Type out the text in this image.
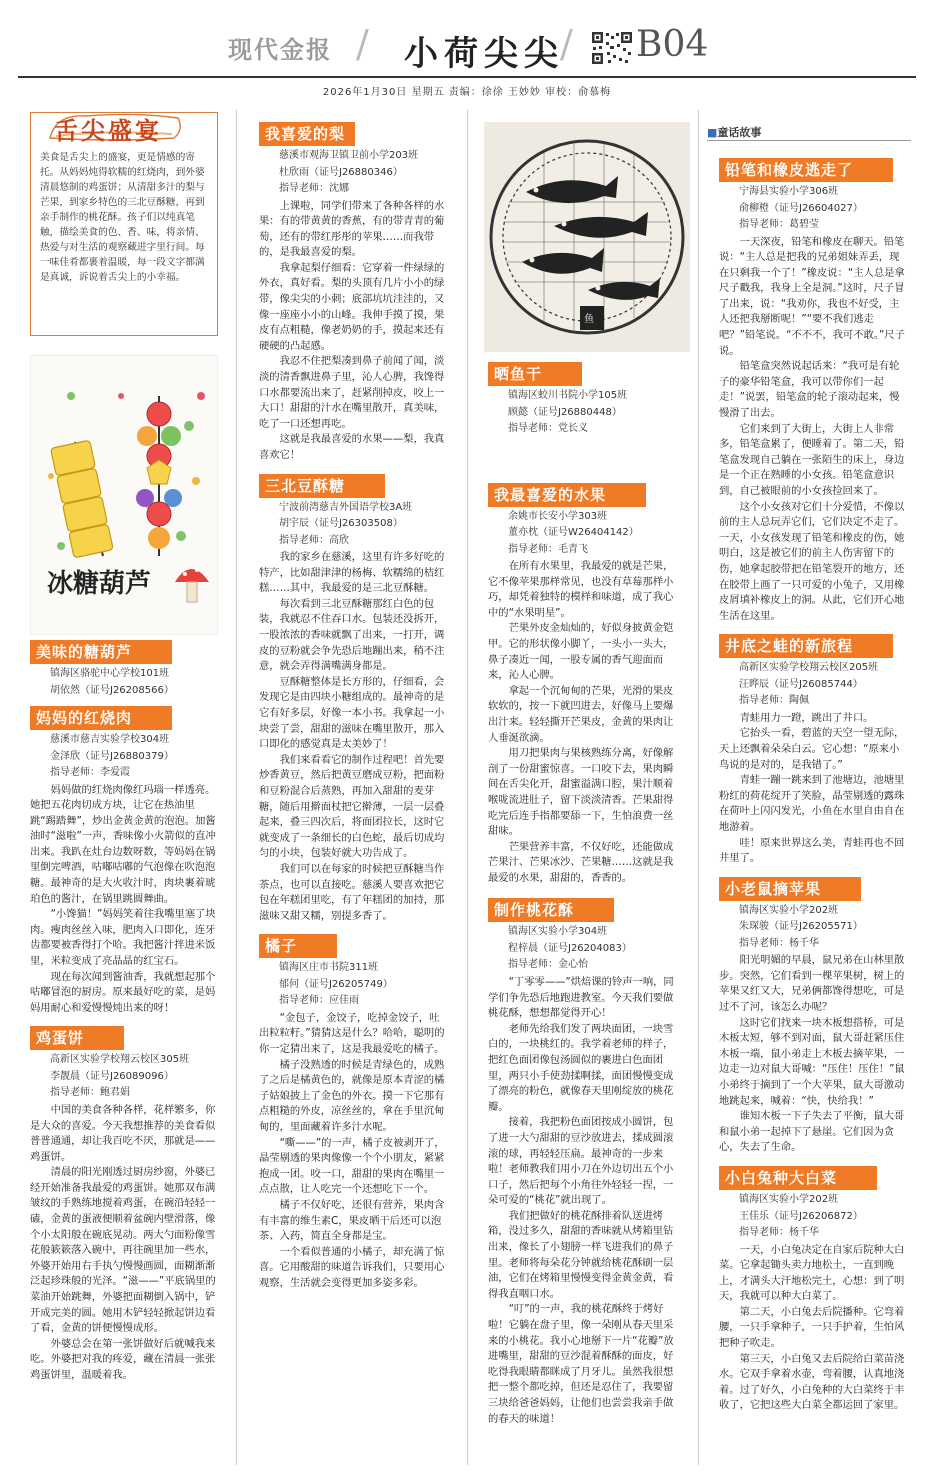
现代金报 / 小荷尖尖
/ B04
2026年1月30日 星期五 责编：徐徐 王妙妙 审校：俞慕梅
舌尖盛宴
美食是舌尖上的盛宴，更是情感的寄托。从妈妈炖得软糯的红烧肉，到外婆清晨悠制的鸡蛋饼；从清甜多汁的梨与芒果，到家乡特色的三北豆酥糖，再到亲手制作的桃花酥。孩子们以纯真笔触，描绘美食的色、香、味，将亲情、热爱与对生活的观察藏进字里行间。每一味佳肴都裹着温暖，每一段文字都满是真诚，诉说着舌尖上的小幸福。
冰糖葫芦
美味的糖葫芦

镇海区骆驼中心学校101班

胡依然（证号J26208566）

妈妈的红烧肉

慈溪市慈吉实验学校304班

金泽欣（证号J26880379）

指导老师：李爱霞

妈妈做的红烧肉像红玛瑙一样透亮。她把五花肉切成方块，让它在热油里跳“踢踏舞”，炒出金黄金黄的泡泡。加酱油时“滋啦”一声，香味像小火箭似的直冲出来。我趴在灶台边数呀数，等妈妈在锅里倒完啤酒，咕嘟咕嘟的气泡像在吹泡泡糖。最神奇的是大火收汁时，肉块裹着琥珀色的酱汁，在锅里跳圆舞曲。

“小馋猫！”妈妈笑着往我嘴里塞了块肉。瘦肉丝丝入味，肥肉入口即化，连牙齿都要被香得打个哈。我把酱汁拌进米饭里，米粒变成了亮晶晶的红宝石。

现在每次闻到酱油香，我就想起那个咕嘟冒泡的厨房。原来最好吃的菜，是妈妈用耐心和爱慢慢炖出来的呀！

鸡蛋饼

高新区实验学校翔云校区305班

李靓晨（证号J26089096）

指导老师：鲍君娟

中国的美食各种各样，花样繁多，你是大众的喜爱。今天我想推荐的美食看似普普通通，却让我百吃不厌，那就是——鸡蛋饼。

清晨的阳光刚透过厨房纱窗，外婆已经开始准备我最爱的鸡蛋饼。她那双布满皱纹的手熟练地搅着鸡蛋，在碗沿轻轻一磕，金黄的蛋液便顺着盆碗内壁滑落，像个小太阳般在碗底晃动。两大勺面粉像雪花般簌簌落入碗中，再往碗里加一些水，外婆开始用右手执勺慢慢画圆，面糊渐渐泛起珍珠般的光泽。“滋——”平底锅里的菜油开始跳舞，外婆把面糊倒入锅中，铲开成完美的圆。她用木铲轻轻掀起饼边看了看，金黄的饼便慢慢成形。

外婆总会在第一张饼做好后就喊我来吃。外婆把对我的疼爱，藏在清晨一张张鸡蛋饼里，温暖着我。

我喜爱的梨

慈溪市观海卫镇卫前小学203班

杜欣雨（证号J26880346）

指导老师：沈娜

上课啦，同学们带来了各种各样的水果：有的带黄黄的香蕉，有的带青青的葡萄，还有的带红彤彤的苹果……而我带的，是我最喜爱的梨。

我拿起梨仔细看：它穿着一件绿绿的外衣，真好看。梨的头顶有几片小小的绿带，像尖尖的小刺；底部坑坑洼洼的，又像一座座小小的山峰。我伸手摸了摸，果皮有点粗糙，像老奶奶的手，摸起来还有硬硬的凸起感。

我忍不住把梨凑到鼻子前闻了闻，淡淡的清香飘进鼻子里，沁人心脾，我馋得口水都要流出来了，赶紧削掉皮，咬上一大口！甜甜的汁水在嘴里散开，真美味，吃了一口还想再吃。

这就是我最喜爱的水果——梨，我真喜欢它！

三北豆酥糖

宁波前湾慈吉外国语学校3A班

胡宇辰（证号J26303508）

指导老师：高欣

我的家乡在慈溪，这里有许多好吃的特产，比如甜津津的杨梅、软糯绵的桔红糕……其中，我最爱的是三北豆酥糖。

每次看到三北豆酥糖那红白色的包装，我就忍不住吞口水。包装还没拆开，一股浓浓的香味就飘了出来，一打开，调皮的豆粉就会争先恐后地蹦出来，稍不注意，就会弄得满嘴满身都是。

豆酥糖整体是长方形的，仔细看，会发现它是由四块小糖组成的。最神奇的是它有好多层，好像一本小书。我拿起一小块尝了尝，甜甜的滋味在嘴里散开，那入口即化的感觉真是太美妙了！

我们来看看它的制作过程吧！首先要炒香黄豆，然后把黄豆磨成豆粉，把面粉和豆粉混合后蒸熟，再加入甜甜的麦芽糖，随后用擀面杖把它擀薄，一层一层叠起来，叠三四次后，将面团拉长，这时它就变成了一条细长的白色蛇，最后切成均匀的小块，包装好就大功告成了。

我们可以在每家的时候把豆酥糖当作茶点，也可以直接吃。慈溪人要喜欢把它包在年糕团里吃，有了年糕团的加持，那滋味又甜又糯，别提多香了。

橘子

镇海区庄市书院311班

郁何（证号J26205749）

指导老师：应佳雨

“金包子，金饺子，吃掉金饺子，吐出粒粒籽。”猜猜这是什么？哈哈，聪明的你一定猜出来了，这是我最爱吃的橘子。

橘子没熟透的时候是青绿色的，成熟了之后是橘黄色的，就像是原本青涩的橘子姑娘披上了金色的外衣。摸一下它那有点粗糙的外皮，凉丝丝的，拿在手里沉甸甸的，里面藏着许多汁水呢。

“嘶——”的一声，橘子皮被剥开了，晶莹剔透的果肉像像一个个小朋友，紧紧抱成一团。咬一口，甜甜的果肉在嘴里一点点散，让人吃完一个还想吃下一个。

橘子不仅好吃，还很有营养，果肉含有丰富的维生素C，果皮晒干后还可以泡茶、入药，简直全身都是宝。

一个看似普通的小橘子，却充满了惊喜。它用酸甜的味道告诉我们，只要用心观察，生活就会变得更加多姿多彩。

鱼
晒鱼干

镇海区蛟川书院小学105班

顾懿（证号J26880448）

指导老师：党长义

我最喜爱的水果

余姚市长安小学303班

董亦枕（证号W26404142）

指导老师：毛青飞

在所有水果里，我最爱的就是芒果，它不像苹果那样常见，也没有草莓那样小巧，却凭着独特的模样和味道，成了我心中的“水果明星”。

芒果外皮金灿灿的，好似身披黄金铠甲。它的形状像小脚丫，一头小一头大，鼻子凑近一闻，一股专属的香气迎面而来，沁人心脾。

拿起一个沉甸甸的芒果，光滑的果皮软软的，按一下就凹进去，好像马上要爆出汁来。轻轻撕开芒果皮，金黄的果肉让人垂涎欲滴。

用刀把果肉与果核熟练分离，好像解剖了一份甜蜜惊喜。一口咬下去，果肉瞬间在舌尖化开，甜蜜溢满口腔，果汁顺着喉咙流进肚子，留下淡淡清香。芒果甜得吃完后连手指都要舔一下，生怕浪费一丝甜味。

芒果营养丰富，不仅好吃，还能做成芒果汁、芒果冰沙、芒果糖……这就是我最爱的水果，甜甜的，香香的。

制作桃花酥

镇海区实验小学304班

程梓晨（证号J26204083）

指导老师：金心怡

“丁零零——”烘焙课的铃声一响，同学们争先恐后地跑进教室。今天我们要做桃花酥，想想都觉得开心！

老师先给我们发了两块面团，一块雪白的，一块桃红的。我学着老师的样子，把红色面团像包汤圆似的裹进白色面团里，两只小手使劲揉啊揉，面团慢慢变成了漂亮的粉色，就像春天里刚绽放的桃花瓣。

接着，我把粉色面团按成小圆饼，包了进一大勺甜甜的豆沙放进去，揉成圆滚滚的球，再轻轻压扁。最神奇的一步来啦！老师教我们用小刀在外边切出五个小口子，然后把每个小角往外轻轻一捏，一朵可爱的“桃花”就出现了。

我们把做好的桃花酥排着队送进烤箱，没过多久，甜甜的香味就从烤箱里钻出来，像长了小翅膀一样飞进我们的鼻子里。老师将每朵花分钟就给桃花酥刷一层油，它们在烤箱里慢慢变得金黄金黄，看得我直咽口水。

“叮”的一声，我的桃花酥终于烤好啦！它躺在盘子里，像一朵刚从春天里采来的小桃花。我小心地掰下一片“花瓣”放进嘴里，甜甜的豆沙混着酥酥的面皮，好吃得我眼睛都眯成了月牙儿。虽然我很想把一整个都吃掉，但还是忍住了，我要留三块给爸爸妈妈，让他们也尝尝我亲手做的春天的味道！

■童话故事
铅笔和橡皮逃走了

宁海县实验小学306班

俞柳橙（证号J26604027）

指导老师：葛碧莹

一天深夜，铅笔和橡皮在聊天。铅笔说：“主人总是把我的兄弟姐妹弄丢，现在只剩我一个了！”橡皮说：“主人总是拿尺子戳我，我身上全是洞。”这时，尺子冒了出来，说：“我劝你，我也不好受，主人还把我掰断呢！”“要不我们逃走吧？”铅笔说。“不不不，我可不敢。”尺子说。

铅笔盒突然说起话来：“我可是有轮子的豪华铅笔盒，我可以带你们一起走！”说罢，铅笔盒的轮子滚动起来，慢慢滑了出去。

它们来到了大街上，大街上人非常多，铅笔盒累了，便睡着了。第二天，铅笔盒发现自己躺在一张陌生的床上，身边是一个正在熟睡的小女孩。铅笔盒意识到，自己被眼前的小女孩捡回来了。

这个小女孩对它们十分爱惜，不像以前的主人总玩弄它们，它们决定不走了。一天，小女孩发现了铅笔和橡皮的伤，她明白，这是被它们的前主人伤害留下的伤，她拿起胶带把在铅笔裂开的地方，还在胶带上画了一只可爱的小兔子，又用橡皮屑填补橡皮上的洞。从此，它们开心地生活在这里。

井底之蛙的新旅程

高新区实验学校翔云校区205班

汪晔辰（证号J26085744）

指导老师：陶佩

青蛙用力一蹬，跳出了井口。

它抬头一看，碧蓝的天空一望无际，天上还飘着朵朵白云。它心想：“原来小鸟说的是对的，是我错了。”

青蛙一蹦一跳来到了池塘边，池塘里粉红的荷花绽开了笑脸，晶莹剔透的露珠在荷叶上闪闪发光，小鱼在水里自由自在地游着。

哇！原来世界这么美，青蛙再也不回井里了。

小老鼠摘苹果

镇海区实验小学202班

朱琛骏（证号J26205571）

指导老师：杨千华

阳光明媚的早晨，鼠兄弟在山林里散步。突然，它们看到一棵苹果树，树上的苹果又红又大，兄弟俩都馋得想吃，可是过不了河，该怎么办呢？

这时它们找来一块木板想搭桥，可是木板太短，够不到对面，鼠大哥赶紧压住木板一端，鼠小弟走上木板去摘苹果，一边走一边对鼠大哥喊：“压住！压住！”鼠小弟终于摘到了一个大苹果，鼠大哥激动地跳起来，喊着：“快，快给我！”

谁知木板一下子失去了平衡，鼠大哥和鼠小弟一起掉下了悬崖。它们因为贪心，失去了生命。

小白兔种大白菜

镇海区实验小学202班

王佳乐（证号J26206872）

指导老师：杨千华

一天，小白兔决定在自家后院种大白菜。它拿起锄头卖力地松土，一直到晚上，才满头大汗地松完土，心想：到了明天，我就可以种大白菜了。

第二天，小白兔去后院播种。它弯着腰，一只手拿种子，一只手护着，生怕风把种子吹走。

第三天，小白兔又去后院给白菜苗浇水。它双手拿着水壶，弯着腰，认真地浇着。过了好久，小白兔种的大白菜终于丰收了，它把这些大白菜全都运回了家里。
